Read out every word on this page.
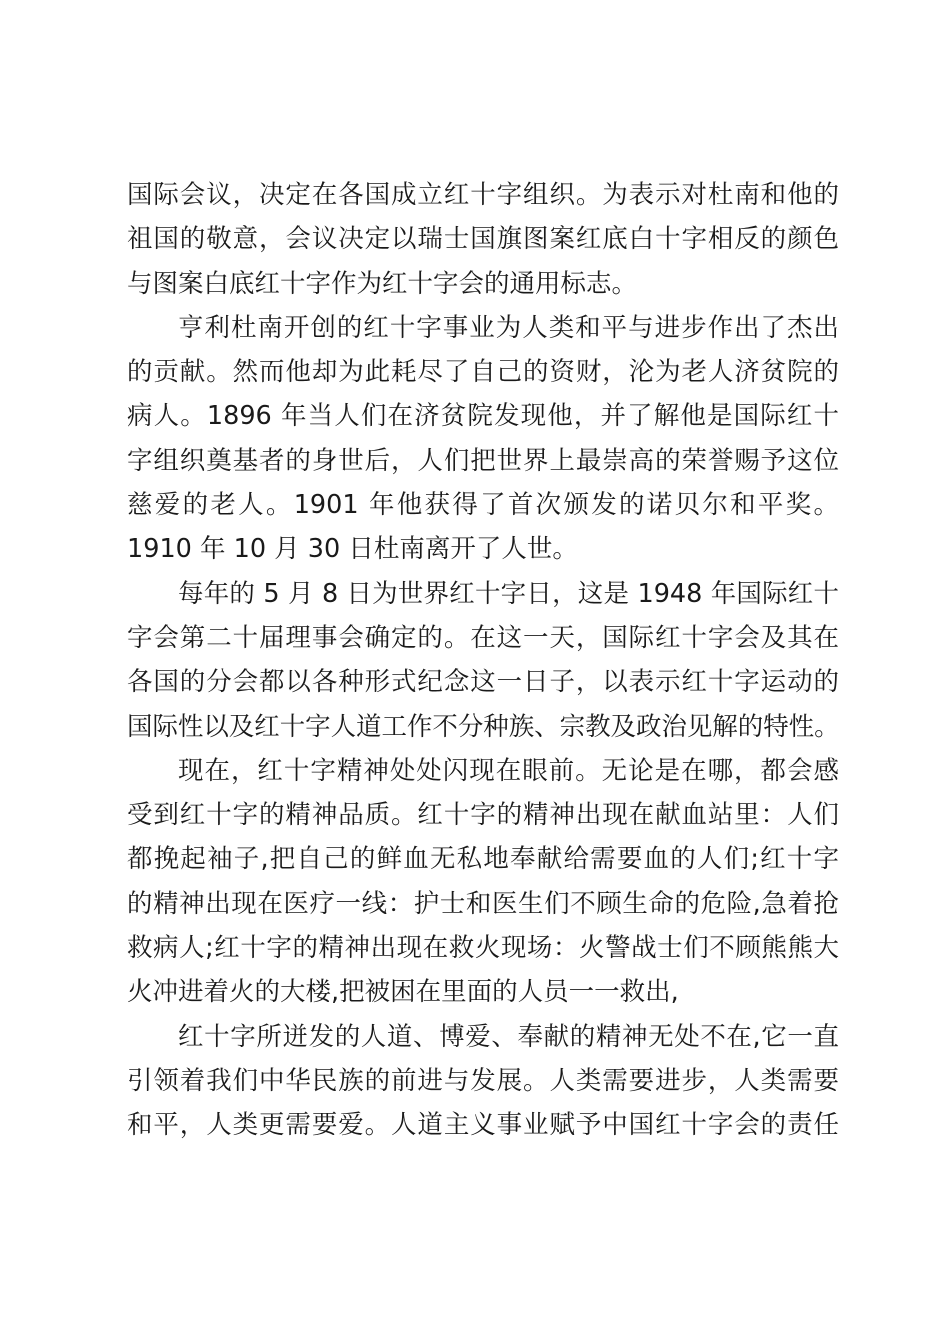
国际会议，决定在各国成立红十字组织。为表示对杜南和他的
祖国的敬意，会议决定以瑞士国旗图案红底白十字相反的颜色
与图案白底红十字作为红十字会的通用标志。
亨利杜南开创的红十字事业为人类和平与进步作出了杰出
的贡献。然而他却为此耗尽了自己的资财，沦为老人济贫院的
病人。1896 年当人们在济贫院发现他，并了解他是国际红十
字组织奠基者的身世后，人们把世界上最崇高的荣誉赐予这位
慈爱的老人。1901 年他获得了首次颁发的诺贝尔和平奖。
1910 年 10 月 30 日杜南离开了人世。
每年的 5 月 8 日为世界红十字日，这是 1948 年国际红十
字会第二十届理事会确定的。在这一天，国际红十字会及其在
各国的分会都以各种形式纪念这一日子，以表示红十字运动的
国际性以及红十字人道工作不分种族、宗教及政治见解的特性。
现在，红十字精神处处闪现在眼前。无论是在哪，都会感
受到红十字的精神品质。红十字的精神出现在献血站里：人们
都挽起袖子,把自己的鲜血无私地奉献给需要血的人们;红十字
的精神出现在医疗一线：护士和医生们不顾生命的危险,急着抢
救病人;红十字的精神出现在救火现场：火警战士们不顾熊熊大
火冲进着火的大楼,把被困在里面的人员一一救出,
红十字所迸发的人道、博爱、奉献的精神无处不在,它一直
引领着我们中华民族的前进与发展。人类需要进步，人类需要
和平，人类更需要爱。人道主义事业赋予中国红十字会的责任
